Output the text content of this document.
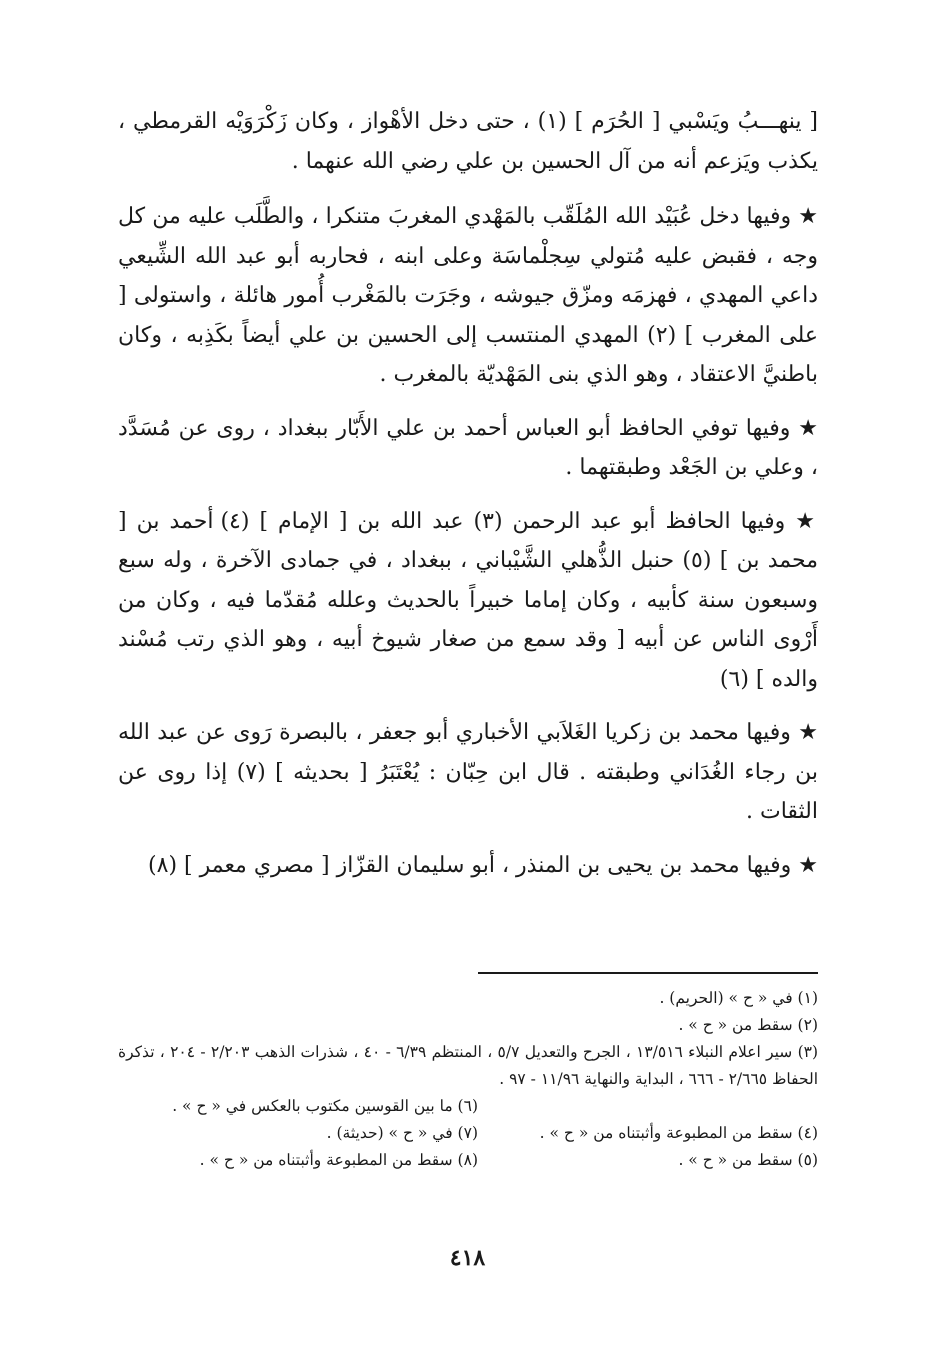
[ ينهـــبُ ويَسْبي [ الحُرَم ] (١) ، حتى دخل الأهْواز ، وكان زَكْرَوَيْه القرمطي ، يكذب ويَزعم أنه من آل الحسين بن علي رضي الله عنهما .

★ وفيها دخل عُبَيْد الله المُلَقّب بالمَهْدي المغربَ متنكرا ، والطَّلَب عليه من كل وجه ، فقبض عليه مُتولي سِجلْماسَة وعلى ابنه ، فحاربه أبو عبد الله الشِّيعي داعي المهدي ، فهزمَه ومزّق جيوشه ، وجَرَت بالمَغْرب أُمور هائلة ، واستولى [ على المغرب ] (٢) المهدي المنتسب إلى الحسين بن علي أيضاً بكَذِبه ، وكان باطنيَّ الاعتقاد ، وهو الذي بنى المَهْديّة بالمغرب .

★ وفيها توفي الحافظ أبو العباس أحمد بن علي الأَبّار ببغداد ، روى عن مُسَدَّد ، وعلي بن الجَعْد وطبقتهما .

★ وفيها الحافظ أبو عبد الرحمن (٣) عبد الله بن [ الإمام ] (٤) أحمد بن [ محمد بن ] (٥) حنبل الذُّهلي الشَّيْباني ، ببغداد ، في جمادى الآخرة ، وله سبع وسبعون سنة كأبيه ، وكان إماما خبيراً بالحديث وعلله مُقدّما فيه ، وكان من أَرْوى الناس عن أبيه [ وقد سمع من صغار شيوخ أبيه ، وهو الذي رتب مُسْند والده ] (٦)

★ وفيها محمد بن زكريا الغَلاَبي الأخباري أبو جعفر ، بالبصرة رَوى عن عبد الله بن رجاء الغُدَاني وطبقته . قال ابن حِبّان : يُعْتَبَرُ [ بحديثه ] (٧) إذا روى عن الثقات .

★ وفيها محمد بن يحيى بن المنذر ، أبو سليمان القزّاز [ مصري معمر ] (٨)

(١) في « ح » (الحريم) .
(٢) سقط من « ح » .
(٣) سير اعلام النبلاء ١٣/٥١٦ ، الجرح والتعديل ٥/٧ ، المنتظم ٦/٣٩ - ٤٠ ، شذرات الذهب ٢/٢٠٣ - ٢٠٤ ، تذكرة الحفاظ ٢/٦٦٥ - ٦٦٦ ، البداية والنهاية ١١/٩٦ - ٩٧ .
(٦) ما بين القوسين مكتوب بالعكس في « ح » .
(٤) سقط من المطبوعة وأثبتناه من « ح » .
(٧) في « ح » (حديثة) .
(٥) سقط من « ح » .
(٨) سقط من المطبوعة وأثبتناه من « ح » .
٤١٨
